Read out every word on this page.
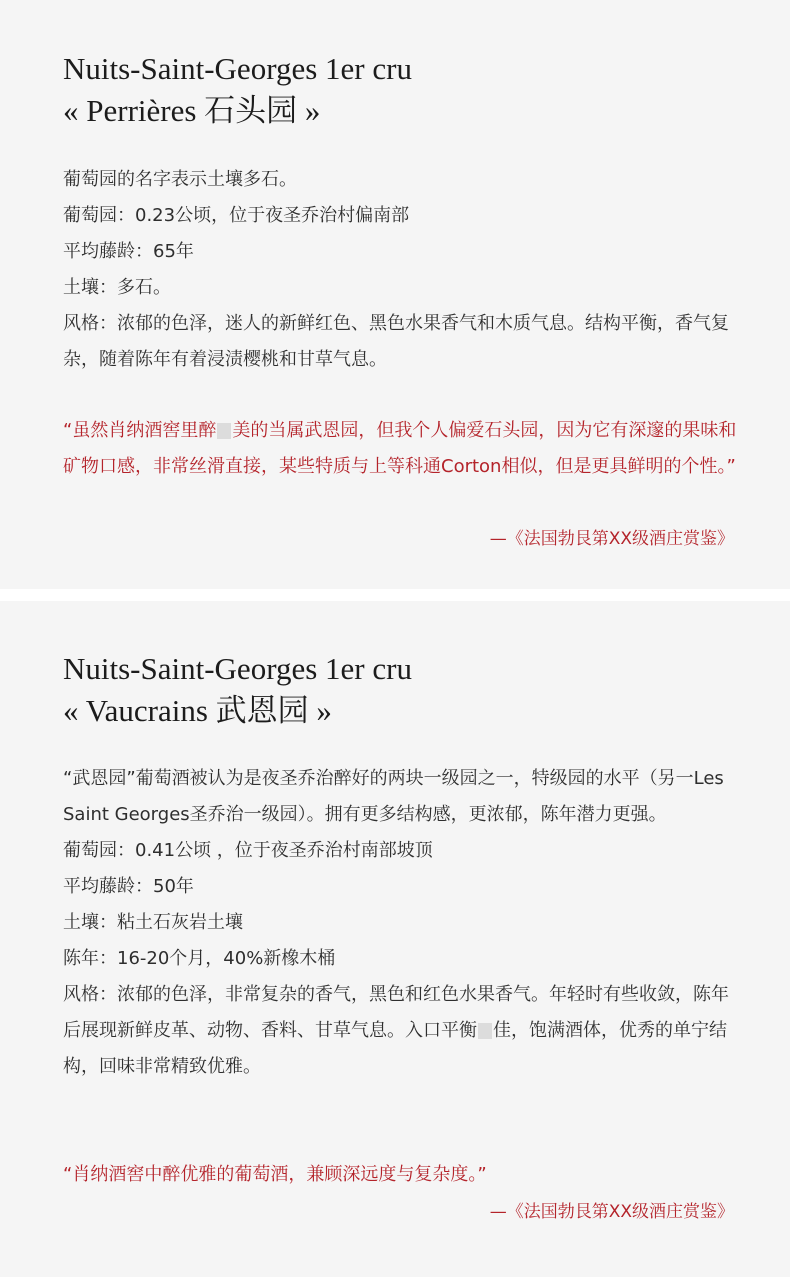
Nuits-Saint-Georges 1er cru
« Perrières 石头园 »

葡萄园的名字表示土壤多石。

葡萄园：0.23公顷，位于夜圣乔治村偏南部

平均藤龄：65年

土壤：多石。

风格：浓郁的色泽，迷人的新鲜红色、黑色水果香气和木质气息。结构平衡，香气复杂，随着陈年有着浸渍樱桃和甘草气息。

“虽然肖纳酒窖里醉 美的当属武恩园，但我个人偏爱石头园，因为它有深邃的果味和矿物口感，非常丝滑直接，某些特质与上等科通Corton相似，但是更具鲜明的个性。”

—《法国勃艮第XX级酒庄赏鉴》
Nuits-Saint-Georges 1er cru
« Vaucrains 武恩园 »

“武恩园”葡萄酒被认为是夜圣乔治醉好的两块一级园之一，特级园的水平（另一Les Saint Georges圣乔治一级园）。拥有更多结构感，更浓郁，陈年潜力更强。

葡萄园：0.41公顷 ，位于夜圣乔治村南部坡顶

平均藤龄：50年

土壤：粘土石灰岩土壤

陈年：16-20个月，40%新橡木桶

风格：浓郁的色泽，非常复杂的香气，黑色和红色水果香气。年轻时有些收敛，陈年后展现新鲜皮革、动物、香料、甘草气息。入口平衡 佳，饱满酒体，优秀的单宁结构，回味非常精致优雅。

“肖纳酒窖中醉优雅的葡萄酒，兼顾深远度与复杂度。”

—《法国勃艮第XX级酒庄赏鉴》
